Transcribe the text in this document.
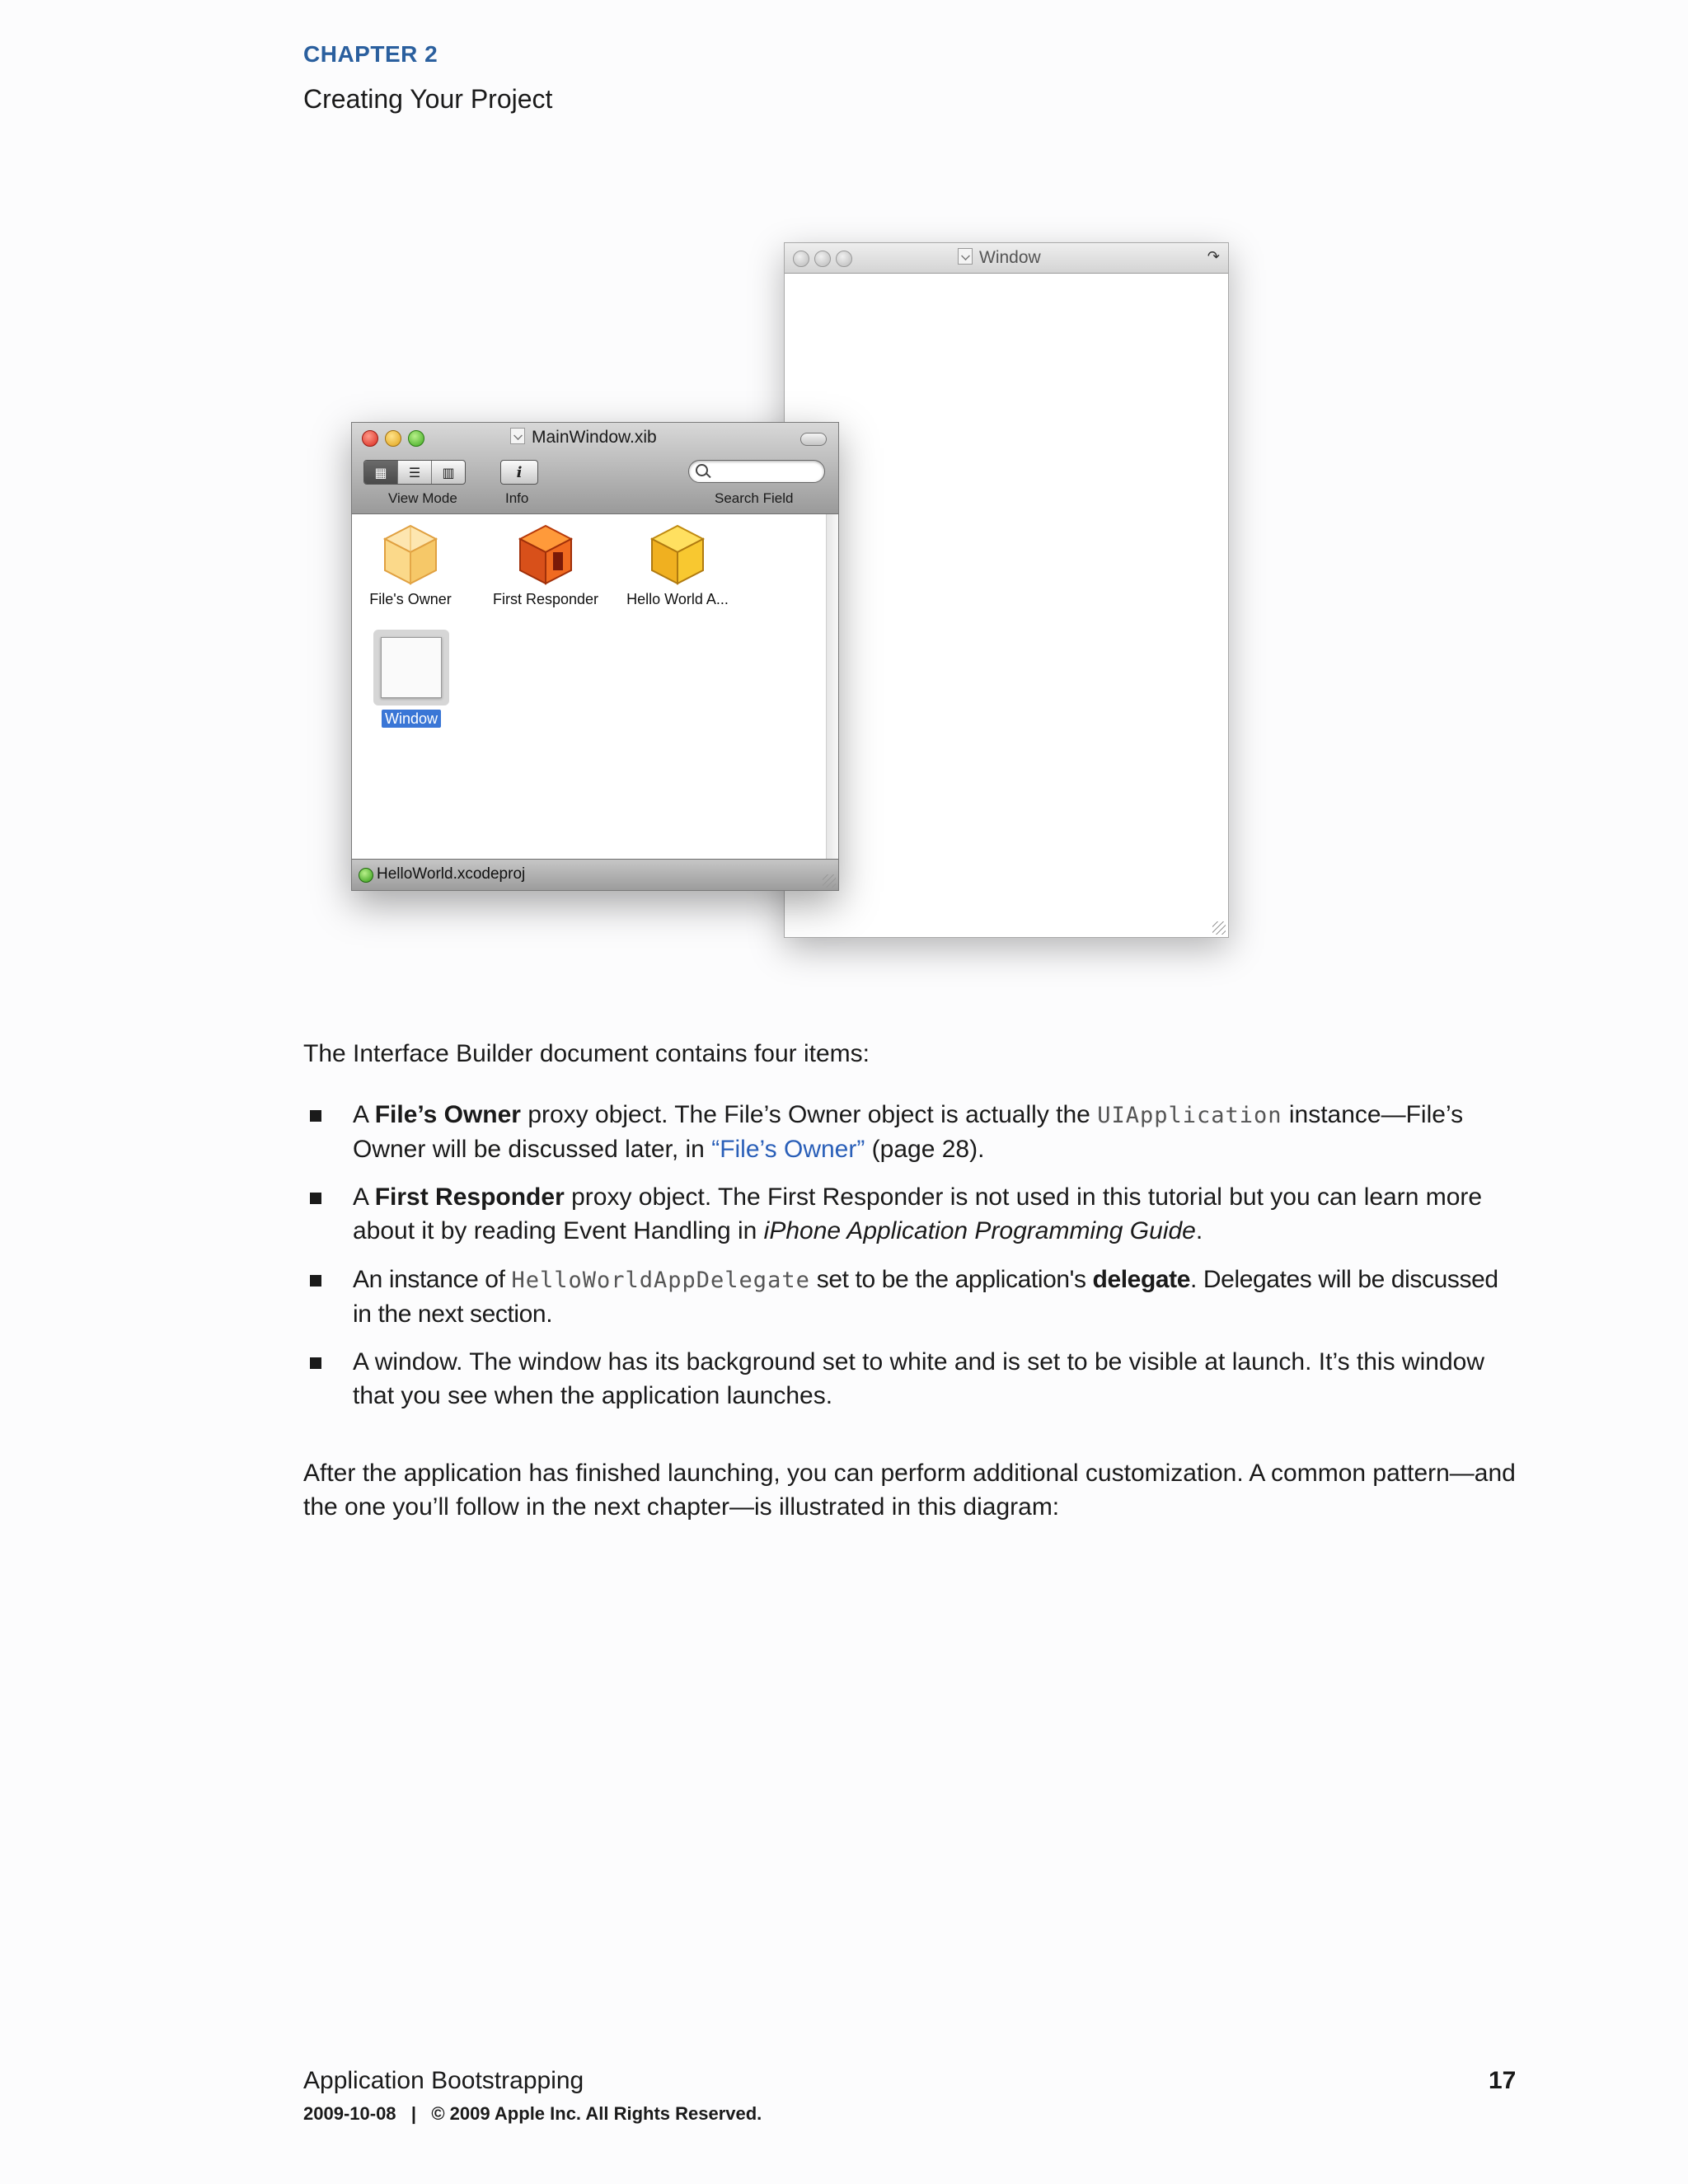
CHAPTER 2
Creating Your Project
Window	↷
MainWindow.xib
▦	☰	▥	i
View Mode	Info	Search Field
File's Owner	First Responder	Hello World A...
Window
HelloWorld.xcodeproj
The Interface Builder document contains four items:
A File’s Owner proxy object. The File’s Owner object is actually the UIApplication instance—File’s Owner will be discussed later, in “File’s Owner” (page 28).
A First Responder proxy object. The First Responder is not used in this tutorial but you can learn more about it by reading Event Handling in iPhone Application Programming Guide.
An instance of HelloWorldAppDelegate set to be the application's delegate. Delegates will be discussed in the next section.
A window. The window has its background set to white and is set to be visible at launch. It’s this window that you see when the application launches.
After the application has finished launching, you can perform additional customization. A common pattern—and the one you’ll follow in the next chapter—is illustrated in this diagram:
Application Bootstrapping	17
2009-10-08   |   © 2009 Apple Inc. All Rights Reserved.
